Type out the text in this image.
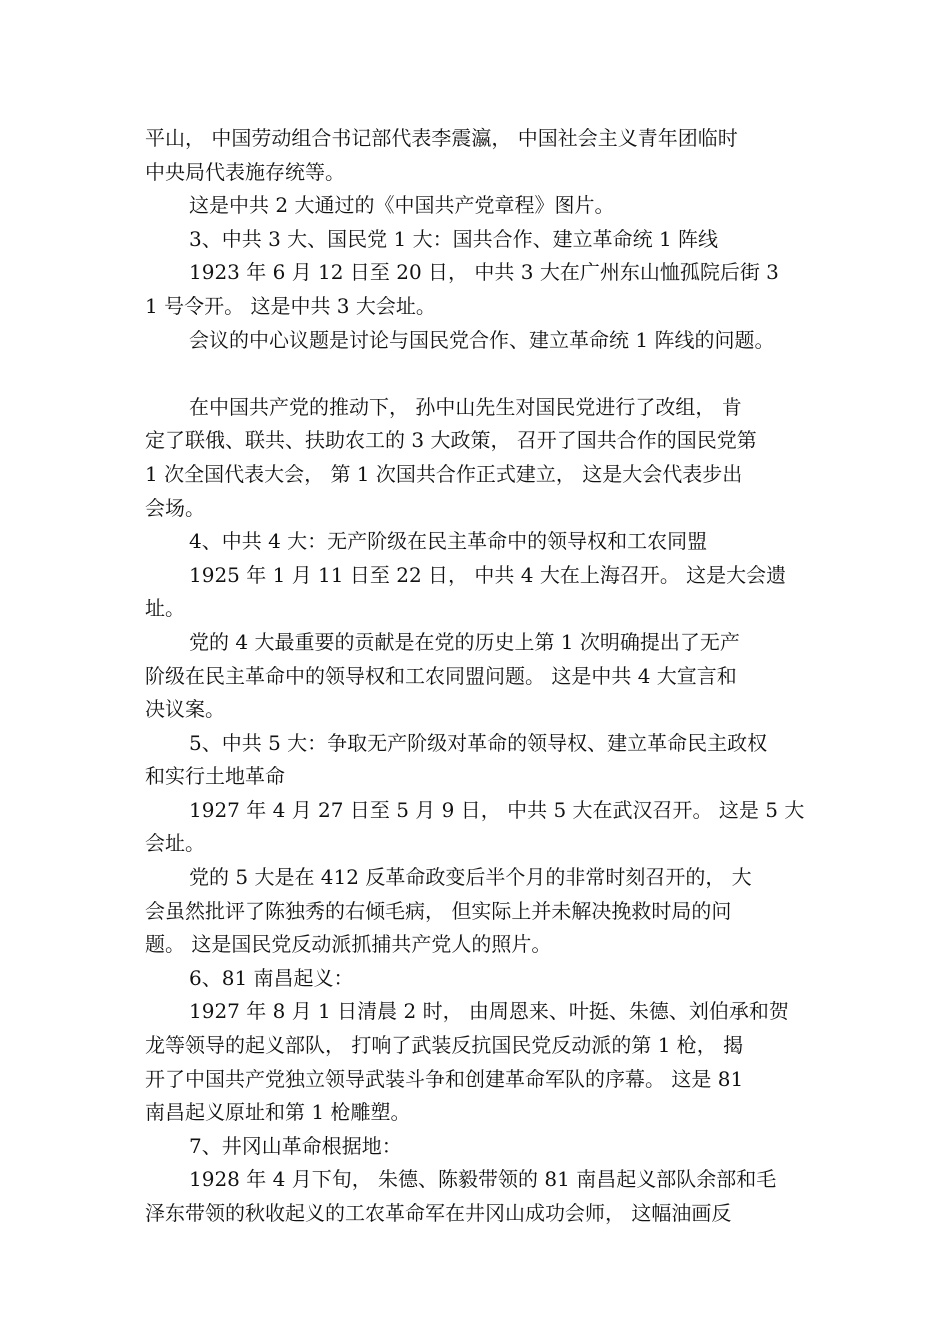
平山， 中国劳动组合书记部代表李震瀛， 中国社会主义青年团临时
中央局代表施存统等。
这是中共 2 大通过的《中国共产党章程》图片。
3、中共 3 大、国民党 1 大：国共合作、建立革命统 1 阵线
1923 年 6 月 12 日至 20 日， 中共 3 大在广州东山恤孤院后街 3
1 号令开。 这是中共 3 大会址。
会议的中心议题是讨论与国民党合作、建立革命统 1 阵线的问题。
在中国共产党的推动下， 孙中山先生对国民党进行了改组， 肯
定了联俄、联共、扶助农工的 3 大政策， 召开了国共合作的国民党第
1 次全国代表大会， 第 1 次国共合作正式建立， 这是大会代表步出
会场。
4、中共 4 大：无产阶级在民主革命中的领导权和工农同盟
1925 年 1 月 11 日至 22 日， 中共 4 大在上海召开。 这是大会遗
址。
党的 4 大最重要的贡献是在党的历史上第 1 次明确提出了无产
阶级在民主革命中的领导权和工农同盟问题。 这是中共 4 大宣言和
决议案。
5、中共 5 大：争取无产阶级对革命的领导权、建立革命民主政权
和实行土地革命
1927 年 4 月 27 日至 5 月 9 日， 中共 5 大在武汉召开。 这是 5 大
会址。
党的 5 大是在 412 反革命政变后半个月的非常时刻召开的， 大
会虽然批评了陈独秀的右倾毛病， 但实际上并未解决挽救时局的问
题。 这是国民党反动派抓捕共产党人的照片。
6、81 南昌起义：
1927 年 8 月 1 日清晨 2 时， 由周恩来、叶挺、朱德、刘伯承和贺
龙等领导的起义部队， 打响了武装反抗国民党反动派的第 1 枪， 揭
开了中国共产党独立领导武装斗争和创建革命军队的序幕。 这是 81
南昌起义原址和第 1 枪雕塑。
7、井冈山革命根据地：
1928 年 4 月下旬， 朱德、陈毅带领的 81 南昌起义部队余部和毛
泽东带领的秋收起义的工农革命军在井冈山成功会师， 这幅油画反
